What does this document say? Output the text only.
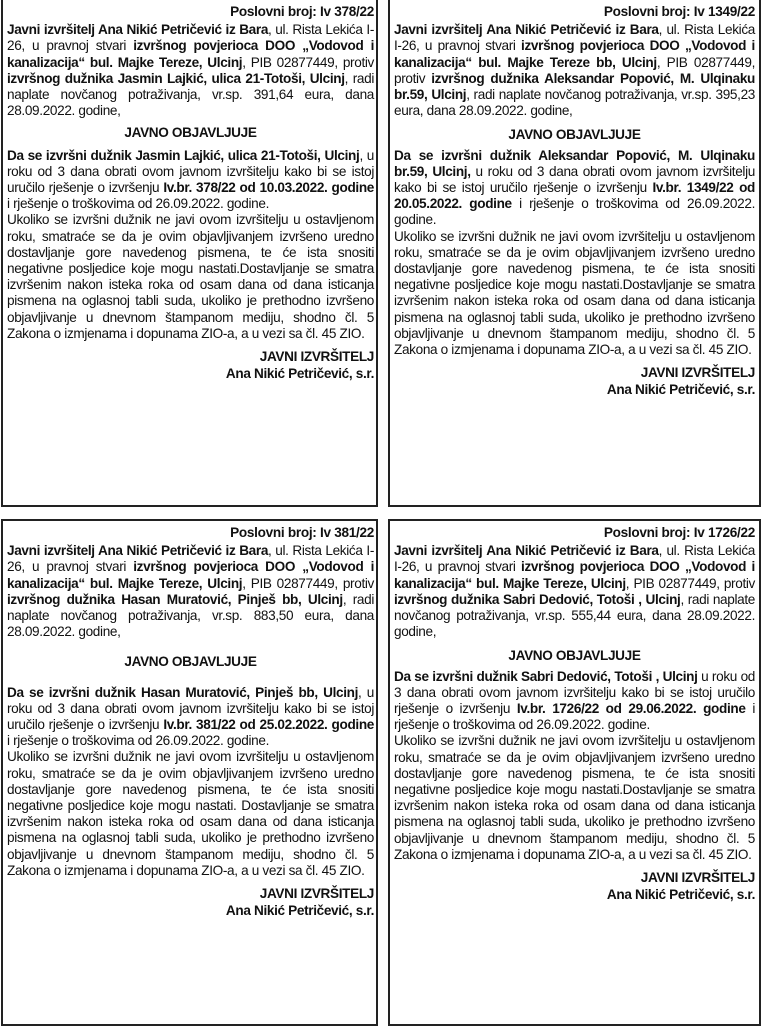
Poslovni broj: Iv 378/22

Javni izvršitelj Ana Nikić Petričević iz Bara, ul. Rista Lekića I-26, u pravnoj stvari izvršnog povjerioca DOO „Vodovod i kanalizacija“ bul. Majke Tereze, Ulcinj, PIB 02877449, protiv izvršnog dužnika Jasmin Lajkić, ulica 21-Totoši, Ulcinj, radi naplate novčanog potraživanja, vr.sp. 391,64 eura, dana 28.09.2022. godine,

JAVNO OBJAVLJUJE

Da se izvršni dužnik Jasmin Lajkić, ulica 21-Totoši, Ulcinj, u roku od 3 dana obrati ovom javnom izvršitelju kako bi se istoj uručilo rješenje o izvršenju Iv.br. 378/22 od 10.03.2022. godine i rješenje o troškovima od 26.09.2022. godine.

Ukoliko se izvršni dužnik ne javi ovom izvršitelju u ostavljenom roku, smatraće se da je ovim objavljivanjem izvršeno uredno dostavljanje gore navedenog pismena, te će ista snositi negativne posljedice koje mogu nastati.Dostavljanje se smatra izvršenim nakon isteka roka od osam dana od dana isticanja pismena na oglasnoj tabli suda, ukoliko je prethodno izvršeno objavljivanje u dnevnom štampanom mediju, shodno čl. 5 Zakona o izmjenama i dopunama ZIO-a, a u vezi sa čl. 45 ZIO.

JAVNI IZVRŠITELJ
Ana Nikić Petričević, s.r.
Poslovni broj: Iv 1349/22

Javni izvršitelj Ana Nikić Petričević iz Bara, ul. Rista Lekića I-26, u pravnoj stvari izvršnog povjerioca DOO „Vodovod i kanalizacija“ bul. Majke Tereze bb, Ulcinj, PIB 02877449, protiv izvršnog dužnika Aleksandar Popović, M. Ulqinaku br.59, Ulcinj, radi naplate novčanog potraživanja, vr.sp. 395,23 eura, dana 28.09.2022. godine,

JAVNO OBJAVLJUJE

Da se izvršni dužnik Aleksandar Popović, M. Ulqinaku br.59, Ulcinj, u roku od 3 dana obrati ovom javnom izvršitelju kako bi se istoj uručilo rješenje o izvršenju Iv.br. 1349/22 od 20.05.2022. godine i rješenje o troškovima od 26.09.2022. godine.

Ukoliko se izvršni dužnik ne javi ovom izvršitelju u ostavljenom roku, smatraće se da je ovim objavljivanjem izvršeno uredno dostavljanje gore navedenog pismena, te će ista snositi negativne posljedice koje mogu nastati.Dostavljanje se smatra izvršenim nakon isteka roka od osam dana od dana isticanja pismena na oglasnoj tabli suda, ukoliko je prethodno izvršeno objavljivanje u dnevnom štampanom mediju, shodno čl. 5 Zakona o izmjenama i dopunama ZIO-a, a u vezi sa čl. 45 ZIO.

JAVNI IZVRŠITELJ
Ana Nikić Petričević, s.r.
Poslovni broj: Iv 381/22

Javni izvršitelj Ana Nikić Petričević iz Bara, ul. Rista Lekića I-26, u pravnoj stvari izvršnog povjerioca DOO „Vodovod i kanalizacija“ bul. Majke Tereze, Ulcinj, PIB 02877449, protiv izvršnog dužnika Hasan Muratović, Pinješ bb, Ulcinj, radi naplate novčanog potraživanja, vr.sp. 883,50 eura, dana 28.09.2022. godine,

JAVNO OBJAVLJUJE

Da se izvršni dužnik Hasan Muratović, Pinješ bb, Ulcinj, u roku od 3 dana obrati ovom javnom izvršitelju kako bi se istoj uručilo rješenje o izvršenju Iv.br. 381/22 od 25.02.2022. godine i rješenje o troškovima od 26.09.2022. godine.

Ukoliko se izvršni dužnik ne javi ovom izvršitelju u ostavljenom roku, smatraće se da je ovim objavljivanjem izvršeno uredno dostavljanje gore navedenog pismena, te će ista snositi negativne posljedice koje mogu nastati. Dostavljanje se smatra izvršenim nakon isteka roka od osam dana od dana isticanja pismena na oglasnoj tabli suda, ukoliko je prethodno izvršeno objavljivanje u dnevnom štampanom mediju, shodno čl. 5 Zakona o izmjenama i dopunama ZIO-a, a u vezi sa čl. 45 ZIO.

JAVNI IZVRŠITELJ
Ana Nikić Petričević, s.r.
Poslovni broj: Iv 1726/22

Javni izvršitelj Ana Nikić Petričević iz Bara, ul. Rista Lekića I-26, u pravnoj stvari izvršnog povjerioca DOO „Vodovod i kanalizacija“ bul. Majke Tereze, Ulcinj, PIB 02877449, protiv izvršnog dužnika Sabri Dedović, Totoši , Ulcinj, radi naplate novčanog potraživanja, vr.sp. 555,44 eura, dana 28.09.2022. godine,

JAVNO OBJAVLJUJE

Da se izvršni dužnik Sabri Dedović, Totoši , Ulcinj u roku od 3 dana obrati ovom javnom izvršitelju kako bi se istoj uručilo rješenje o izvršenju Iv.br. 1726/22 od 29.06.2022. godine i rješenje o troškovima od 26.09.2022. godine.

Ukoliko se izvršni dužnik ne javi ovom izvršitelju u ostavljenom roku, smatraće se da je ovim objavljivanjem izvršeno uredno dostavljanje gore navedenog pismena, te će ista snositi negativne posljedice koje mogu nastati.Dostavljanje se smatra izvršenim nakon isteka roka od osam dana od dana isticanja pismena na oglasnoj tabli suda, ukoliko je prethodno izvršeno objavljivanje u dnevnom štampanom mediju, shodno čl. 5 Zakona o izmjenama i dopunama ZIO-a, a u vezi sa čl. 45 ZIO.

JAVNI IZVRŠITELJ
Ana Nikić Petričević, s.r.
